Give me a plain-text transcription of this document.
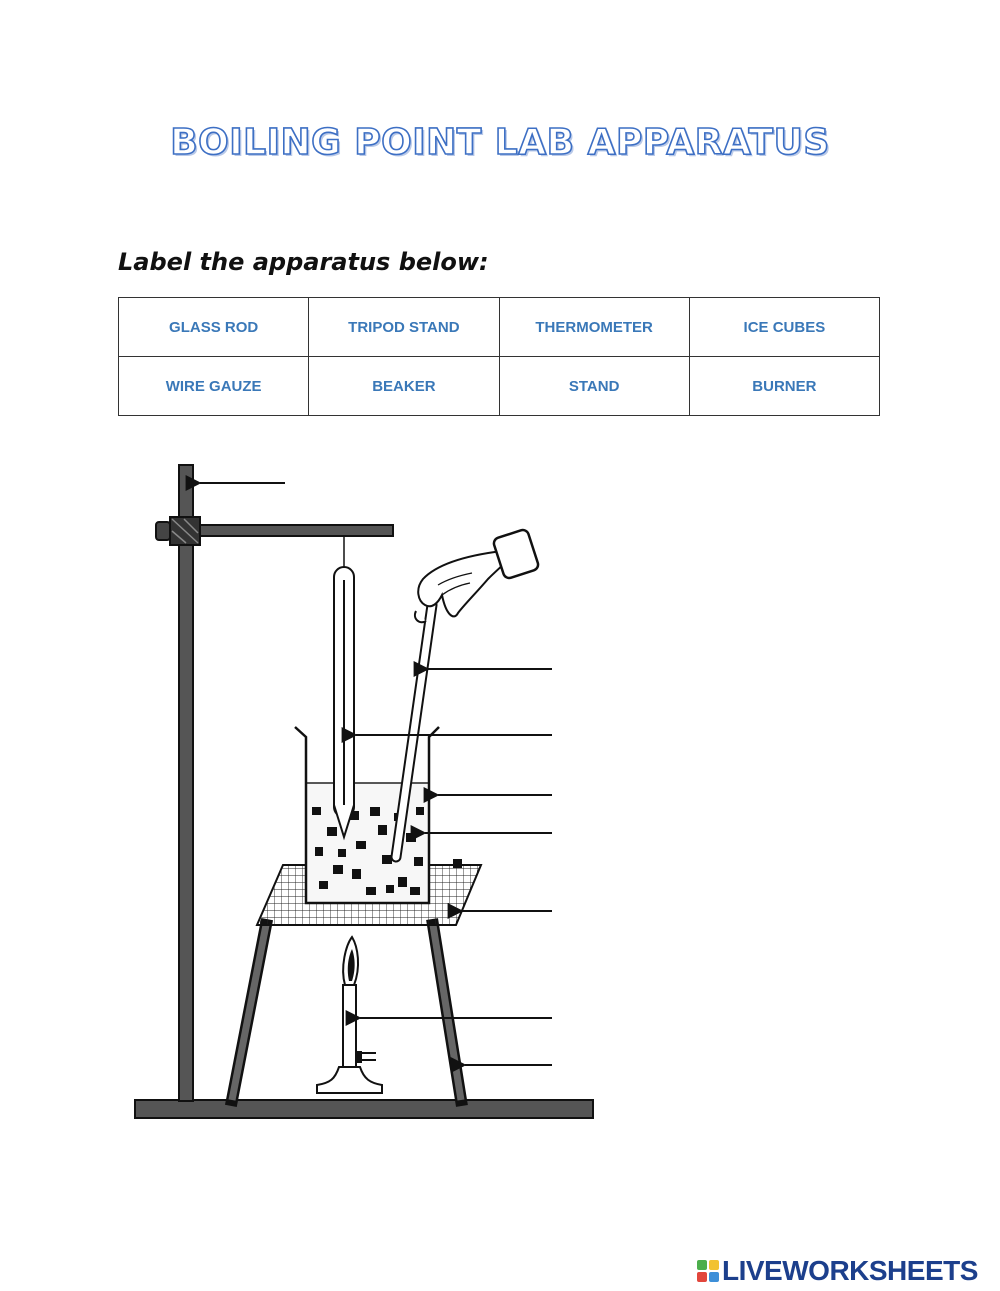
BOILING POINT LAB APPARATUS

Label the apparatus below:

GLASS ROD	TRIPOD STAND	THERMOMETER	ICE CUBES
WIRE GAUZE	BEAKER	STAND	BURNER
LIVEWORKSHEETS
